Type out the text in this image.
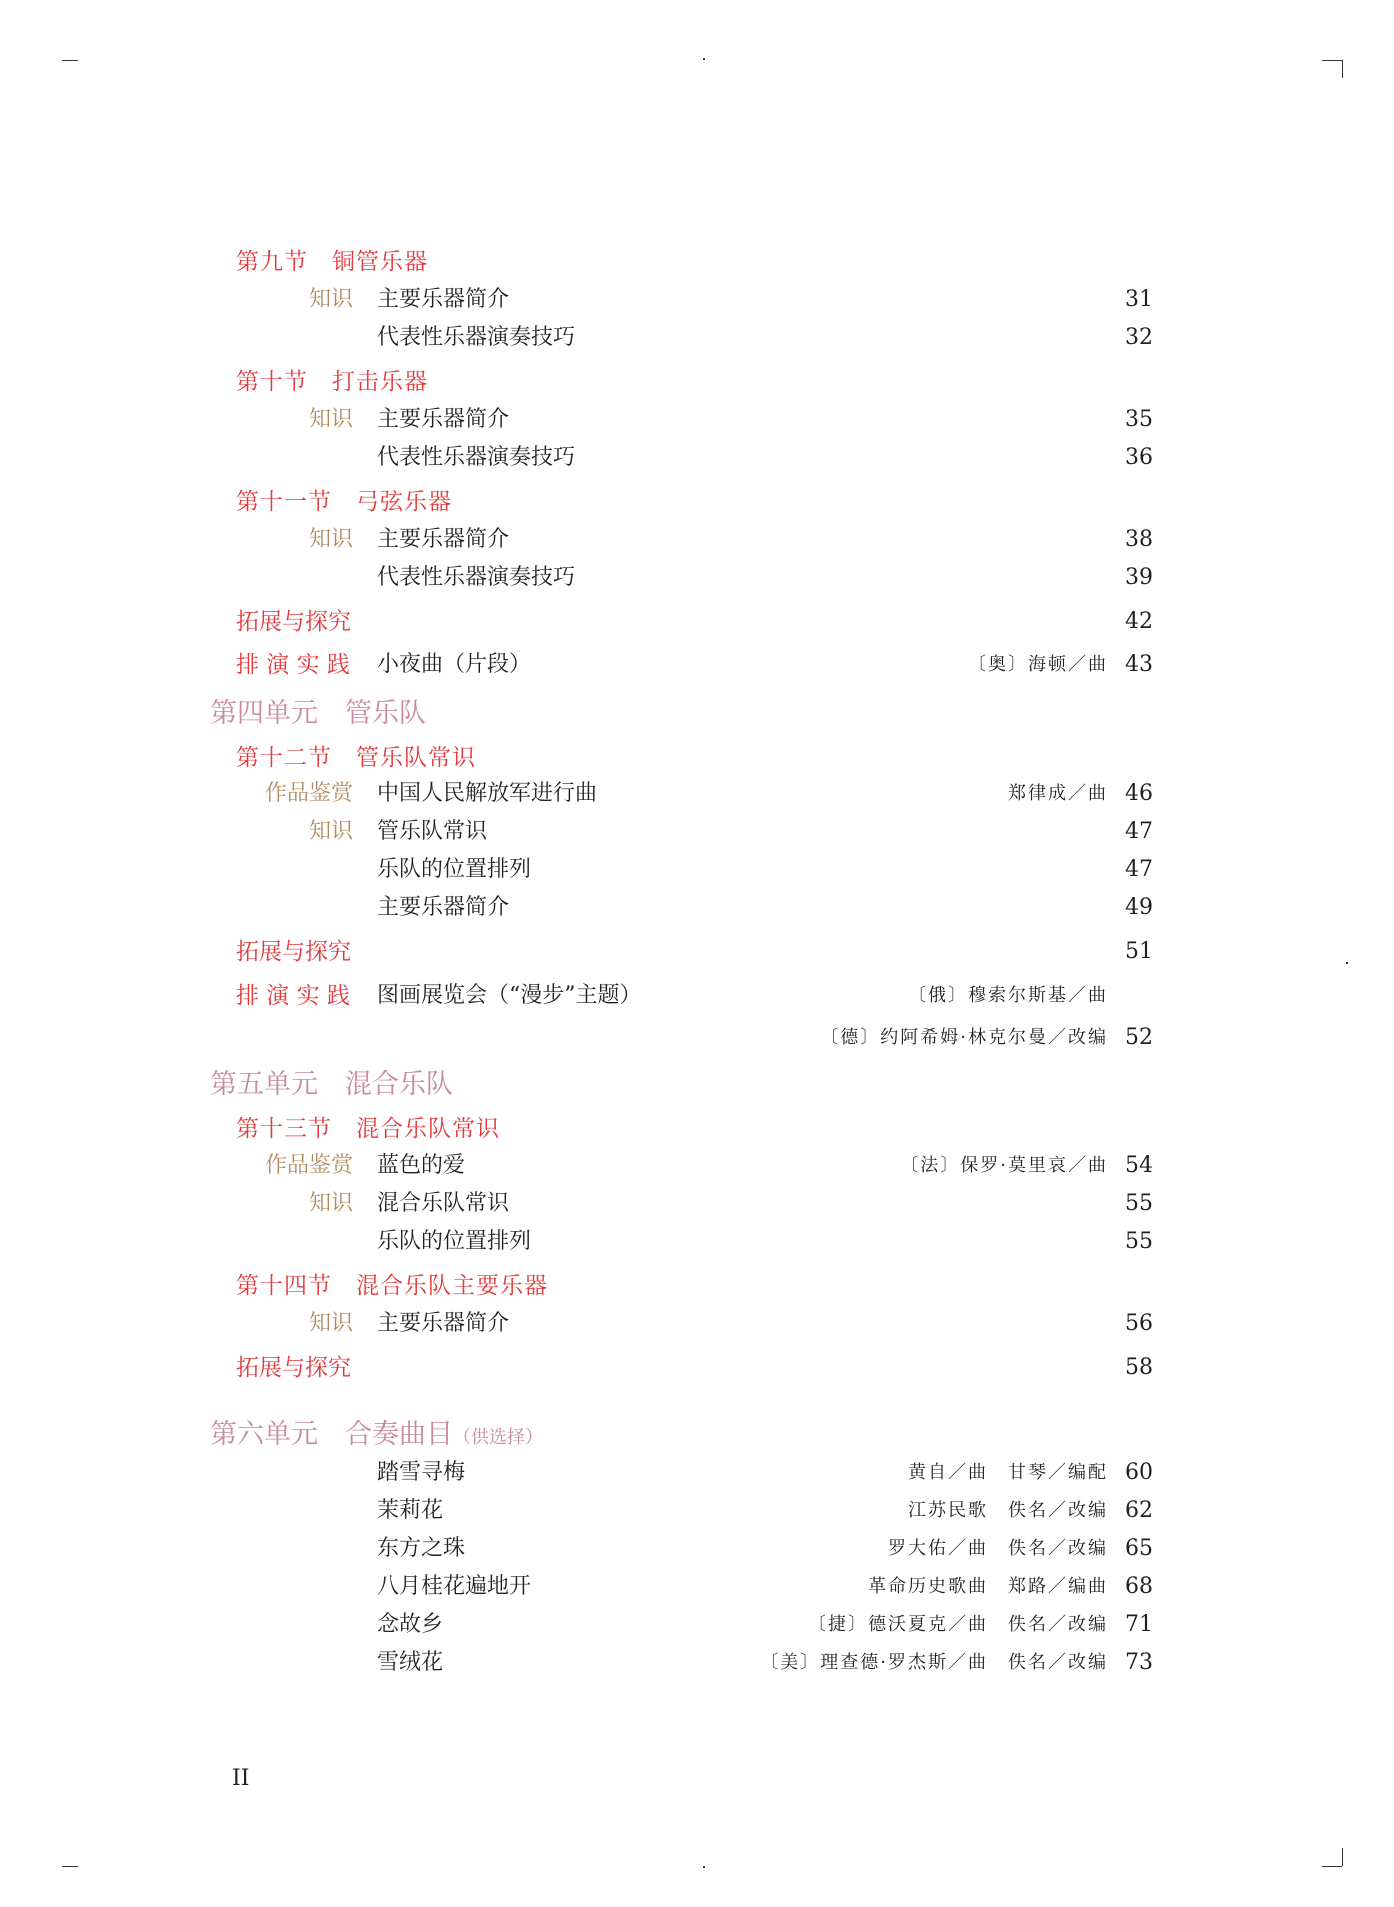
第九节　铜管乐器
知识 主要乐器简介	31
代表性乐器演奏技巧	32
第十节　打击乐器
知识 主要乐器简介	35
代表性乐器演奏技巧	36
第十一节　弓弦乐器
知识 主要乐器简介	38
代表性乐器演奏技巧	39
拓展与探究	42
排 演 实 践 小夜曲（片段）	〔奥〕海顿／曲 43
第四单元　管乐队
第十二节　管乐队常识
作品鉴赏 中国人民解放军进行曲	郑律成／曲 46
知识 管乐队常识	47
乐队的位置排列	47
主要乐器简介	49
拓展与探究	51
排 演 实 践 图画展览会（“漫步”主题）	〔俄〕穆索尔斯基／曲
〔德〕约阿希姆·林克尔曼／改编 52
第五单元　混合乐队
第十三节　混合乐队常识
作品鉴赏 蓝色的爱	〔法〕保罗·莫里哀／曲 54
知识 混合乐队常识	55
乐队的位置排列	55
第十四节　混合乐队主要乐器
知识 主要乐器简介	56
拓展与探究	58
第六单元　合奏曲目（供选择）
踏雪寻梅	黄自／曲　甘琴／编配 60
茉莉花	江苏民歌　佚名／改编 62
东方之珠	罗大佑／曲　佚名／改编 65
八月桂花遍地开	革命历史歌曲　郑路／编曲 68
念故乡	〔捷〕德沃夏克／曲　佚名／改编 71
雪绒花	〔美〕理查德·罗杰斯／曲　佚名／改编 73
II
